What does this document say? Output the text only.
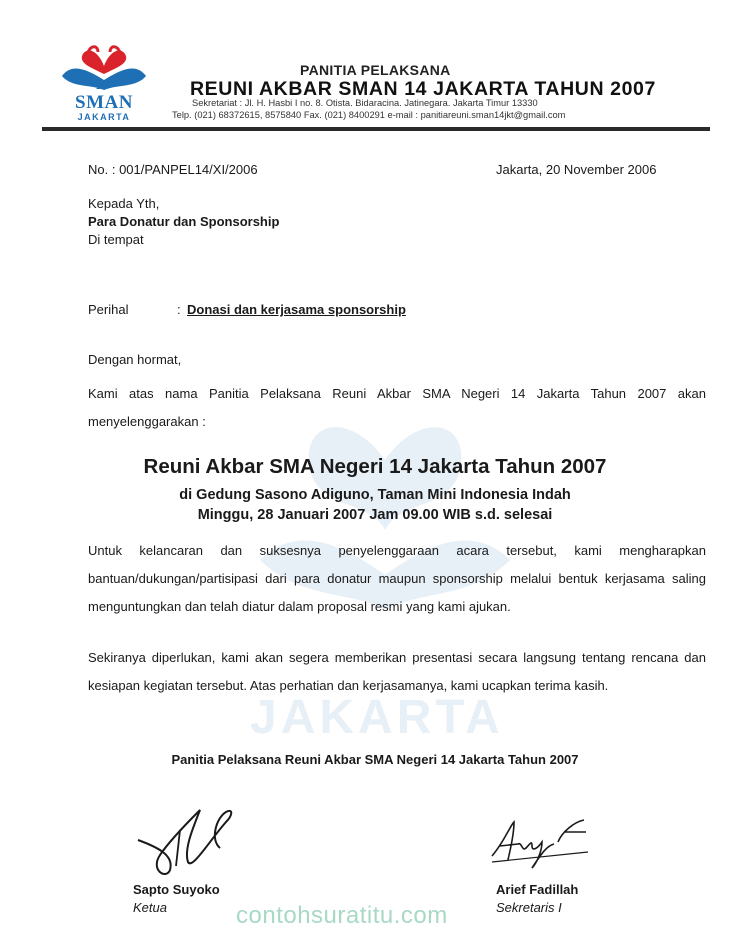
JAKARTA
14
SMAN
JAKARTA
PANITIA PELAKSANA
REUNI AKBAR SMAN 14 JAKARTA TAHUN 2007
Sekretariat : Jl. H. Hasbi I no. 8. Otista. Bidaracina. Jatinegara. Jakarta Timur 13330
Telp. (021) 68372615, 8575840 Fax. (021) 8400291 e-mail : panitiareuni.sman14jkt@gmail.com
No. : 001/PANPEL14/XI/2006	Jakarta, 20 November 2006
Kepada Yth,
Para Donatur dan Sponsorship
Di tempat
Perihal	: Donasi dan kerjasama sponsorship
Dengan hormat,
Kami atas nama Panitia Pelaksana Reuni Akbar SMA Negeri 14 Jakarta Tahun 2007 akan menyelenggarakan :
Reuni Akbar SMA Negeri 14 Jakarta Tahun 2007
di Gedung Sasono Adiguno, Taman Mini Indonesia Indah
Minggu, 28 Januari 2007 Jam 09.00 WIB s.d. selesai
Untuk kelancaran dan suksesnya penyelenggaraan acara tersebut, kami mengharapkan bantuan/dukungan/partisipasi dari para donatur maupun sponsorship melalui bentuk kerjasama saling menguntungkan dan telah diatur dalam proposal resmi yang kami ajukan.
Sekiranya diperlukan, kami akan segera memberikan presentasi secara langsung tentang rencana dan kesiapan kegiatan tersebut. Atas perhatian dan kerjasamanya, kami ucapkan terima kasih.
Panitia Pelaksana Reuni Akbar SMA Negeri 14 Jakarta Tahun 2007
Sapto Suyoko
Ketua
Arief Fadillah
Sekretaris I
contohsuratitu.com
